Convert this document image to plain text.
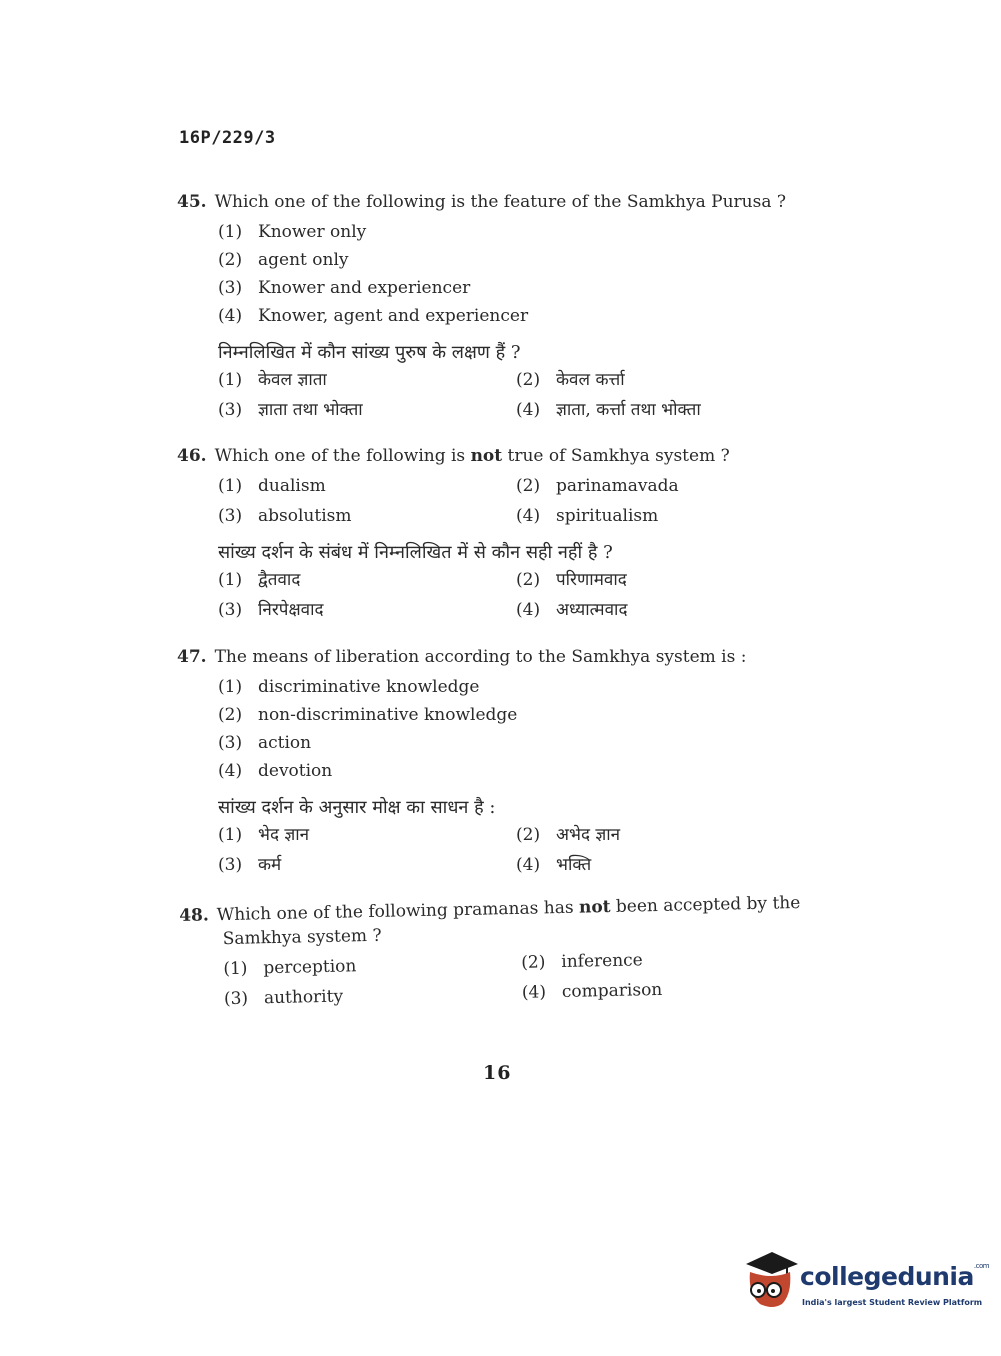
16P/229/3
45. Which one of the following is the feature of the Samkhya Purusa ?
(1) Knower only
(2) agent only
(3) Knower and experiencer
(4) Knower, agent and experiencer
निम्नलिखित में कौन सांख्य पुरुष के लक्षण हैं ?
(1) केवल ज्ञाता	(2) केवल कर्त्ता
(3) ज्ञाता तथा भोक्ता	(4) ज्ञाता, कर्त्ता तथा भोक्ता
46. Which one of the following is not true of Samkhya system ?
(1) dualism	(2) parinamavada
(3) absolutism	(4) spiritualism
सांख्य दर्शन के संबंध में निम्नलिखित में से कौन सही नहीं है ?
(1) द्वैतवाद	(2) परिणामवाद
(3) निरपेक्षवाद	(4) अध्यात्मवाद
47. The means of liberation according to the Samkhya system is :
(1) discriminative knowledge
(2) non-discriminative knowledge
(3) action
(4) devotion
सांख्य दर्शन के अनुसार मोक्ष का साधन है :
(1) भेद ज्ञान	(2) अभेद ज्ञान
(3) कर्म	(4) भक्ति
48. Which one of the following pramanas has not been accepted by the
Samkhya system ?
(1) perception	(2) inference
(3) authority	(4) comparison
16
collegedunia$^{.com}$
India's largest Student Review Platform
